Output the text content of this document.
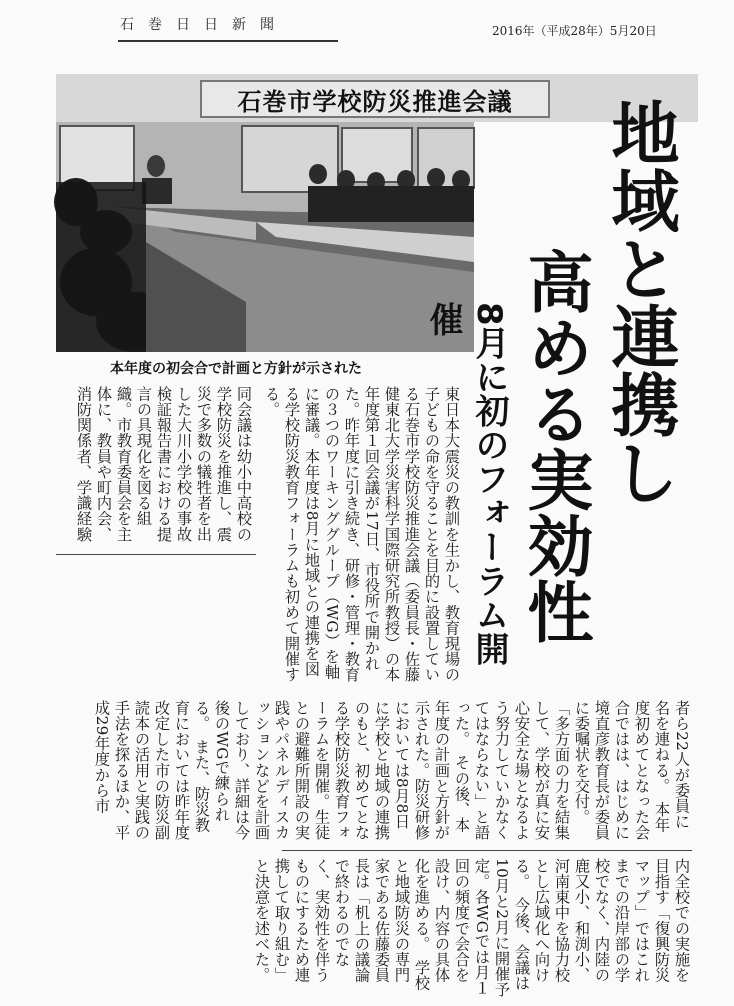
石巻日日新聞	2016年（平成28年）5月20日
石巻市学校防災推進会議
本年度の初会合で計画と方針が示された	地域と連携し
高める実効性
8月に初のフォーラム開催
東日本大震災の教訓を生かし、教育現場の子どもの命を守ることを目的に設置している石巻市学校防災推進会議（委員長・佐藤健東北大学災害科学国際研究所教授）の本年度第１回会議が17日、市役所で開かれた。昨年度に引き続き、研修・管理・教育の３つのワーキンググループ（WG）を軸に審議。本年度は8月に地域との連携を図る学校防災教育フォーラムも初めて開催する。
同会議は幼小中高校の学校防災を推進し、震災で多数の犠牲者を出した大川小学校の事故検証報告書における提言の具現化を図る組織。市教育委員会を主体に、教員や町内会、消防関係者、学識経験
者ら22人が委員に名を連ねる。　本年度初めてとなった会合ではは、はじめに境直彦教育長が委員に委嘱状を交付。「多方面の力を結集して、学校が真に安心安全な場となるよう努力していかなくてはならない」と語った。　その後、本年度の計画と方針が示された。防災研修においては8月8日に学校と地域の連携のもと、初めてとなる学校防災教育フォーラムを開催。生徒との避難所開設の実践やパネルディスカッションなどを計画しており、詳細は今後のWGで練られる。　また、防災教育においては昨年度改定した市の防災副読本の活用と実践の手法を探るほか、平成29年度から市
内全校での実施を目指す「復興防災マップ」ではこれまでの沿岸部の学校でなく、内陸の鹿又小、和渕小、河南東中を協力校とし広域化へ向ける。　今後、会議は10月と2月に開催予定。各WGでは月１回の頻度で会合を設け、内容の具体化を進める。　学校と地域防災の専門家である佐藤委員長は「机上の議論で終わるのでなく、実効性を伴うものにするため連携して取り組む」と決意を述べた。
